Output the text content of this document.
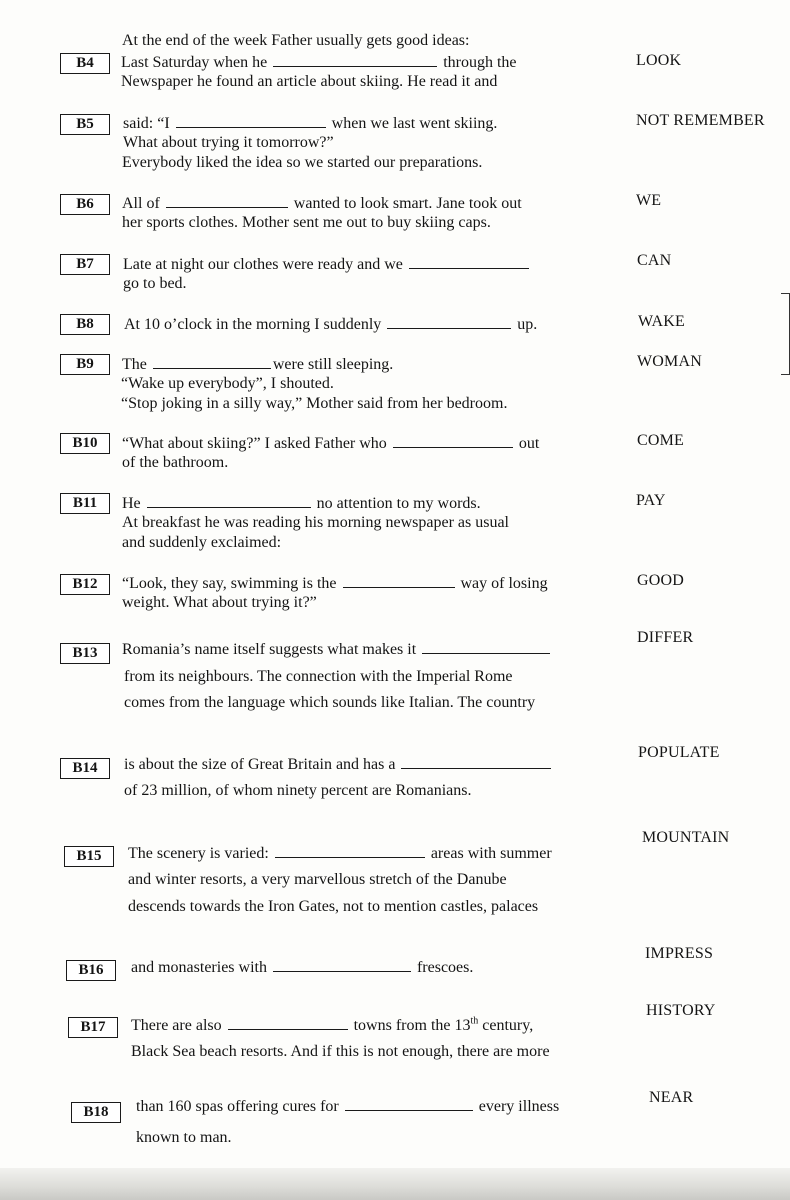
At the end of the week Father usually gets good ideas:
B4	Last Saturday when he	through the
Newspaper he found an article about skiing. He read it and
LOOK
B5	said: “I	when we last went skiing.
What about trying it tomorrow?”
Everybody liked the idea so we started our preparations.
NOT REMEMBER
B6	All of	wanted to look smart. Jane took out
her sports clothes. Mother sent me out to buy skiing caps.
WE
B7	Late at night our clothes were ready and we
go to bed.
CAN
B8	At 10 o’clock in the morning I suddenly	up.	WAKE
B9	The	were still sleeping.
“Wake up everybody”, I shouted.
“Stop joking in a silly way,” Mother said from her bedroom.
WOMAN
B10	“What about skiing?” I asked Father who	out
of the bathroom.
COME
B11	He	no attention to my words.
At breakfast he was reading his morning newspaper as usual
and suddenly exclaimed:
PAY
B12	“Look, they say, swimming is the	way of losing
weight. What about trying it?”
GOOD
B13	Romania’s name itself suggests what makes it
from its neighbours. The connection with the Imperial Rome
comes from the language which sounds like Italian. The country
DIFFER
B14	is about the size of Great Britain and has a
of 23 million, of whom ninety percent are Romanians.
POPULATE
B15	The scenery is varied:	areas with summer
and winter resorts, a very marvellous stretch of the Danube
descends towards the Iron Gates, not to mention castles, palaces
MOUNTAIN
B16	and monasteries with	frescoes.
IMPRESS
B17	There are also	towns from the 13th century,
Black Sea beach resorts. And if this is not enough, there are more
HISTORY
B18	than 160 spas offering cures for	every illness
known to man.
NEAR
